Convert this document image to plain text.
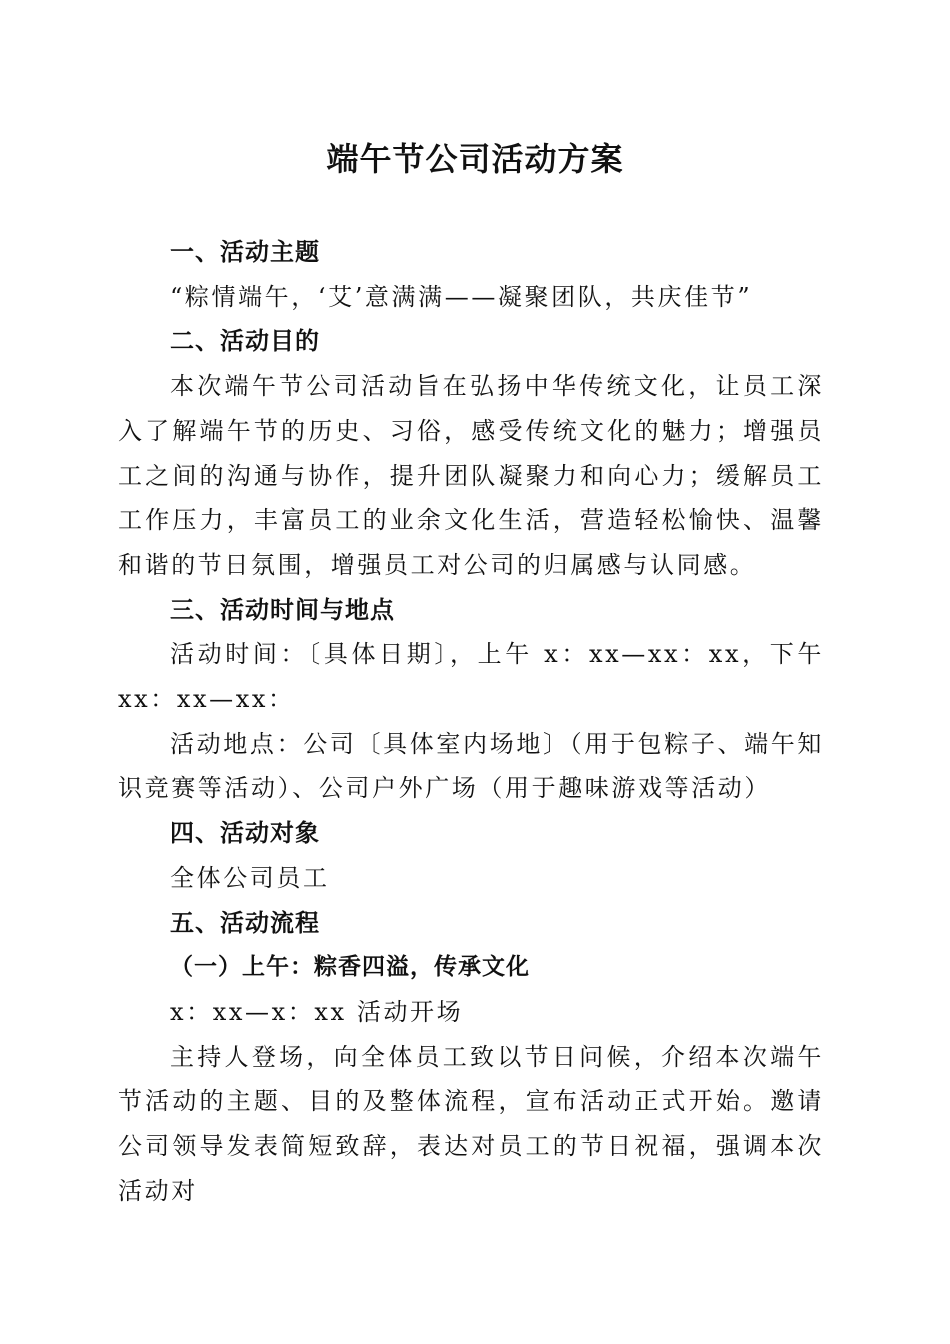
端午节公司活动方案

一、活动主题

“粽情端午，‘艾’意满满——凝聚团队，共庆佳节”

二、活动目的

本次端午节公司活动旨在弘扬中华传统文化，让员工深入了解端午节的历史、习俗，感受传统文化的魅力；增强员工之间的沟通与协作，提升团队凝聚力和向心力；缓解员工工作压力，丰富员工的业余文化生活，营造轻松愉快、温馨和谐的节日氛围，增强员工对公司的归属感与认同感。

三、活动时间与地点

活动时间：〔具体日期〕，上午 x：xx—xx：xx，下午 xx：xx—xx：

活动地点：公司〔具体室内场地〕（用于包粽子、端午知识竞赛等活动）、公司户外广场（用于趣味游戏等活动）

四、活动对象

全体公司员工

五、活动流程

（一）上午：粽香四溢，传承文化

x：xx—x：xx 活动开场

主持人登场，向全体员工致以节日问候，介绍本次端午节活动的主题、目的及整体流程，宣布活动正式开始。邀请公司领导发表简短致辞，表达对员工的节日祝福，强调本次活动对
